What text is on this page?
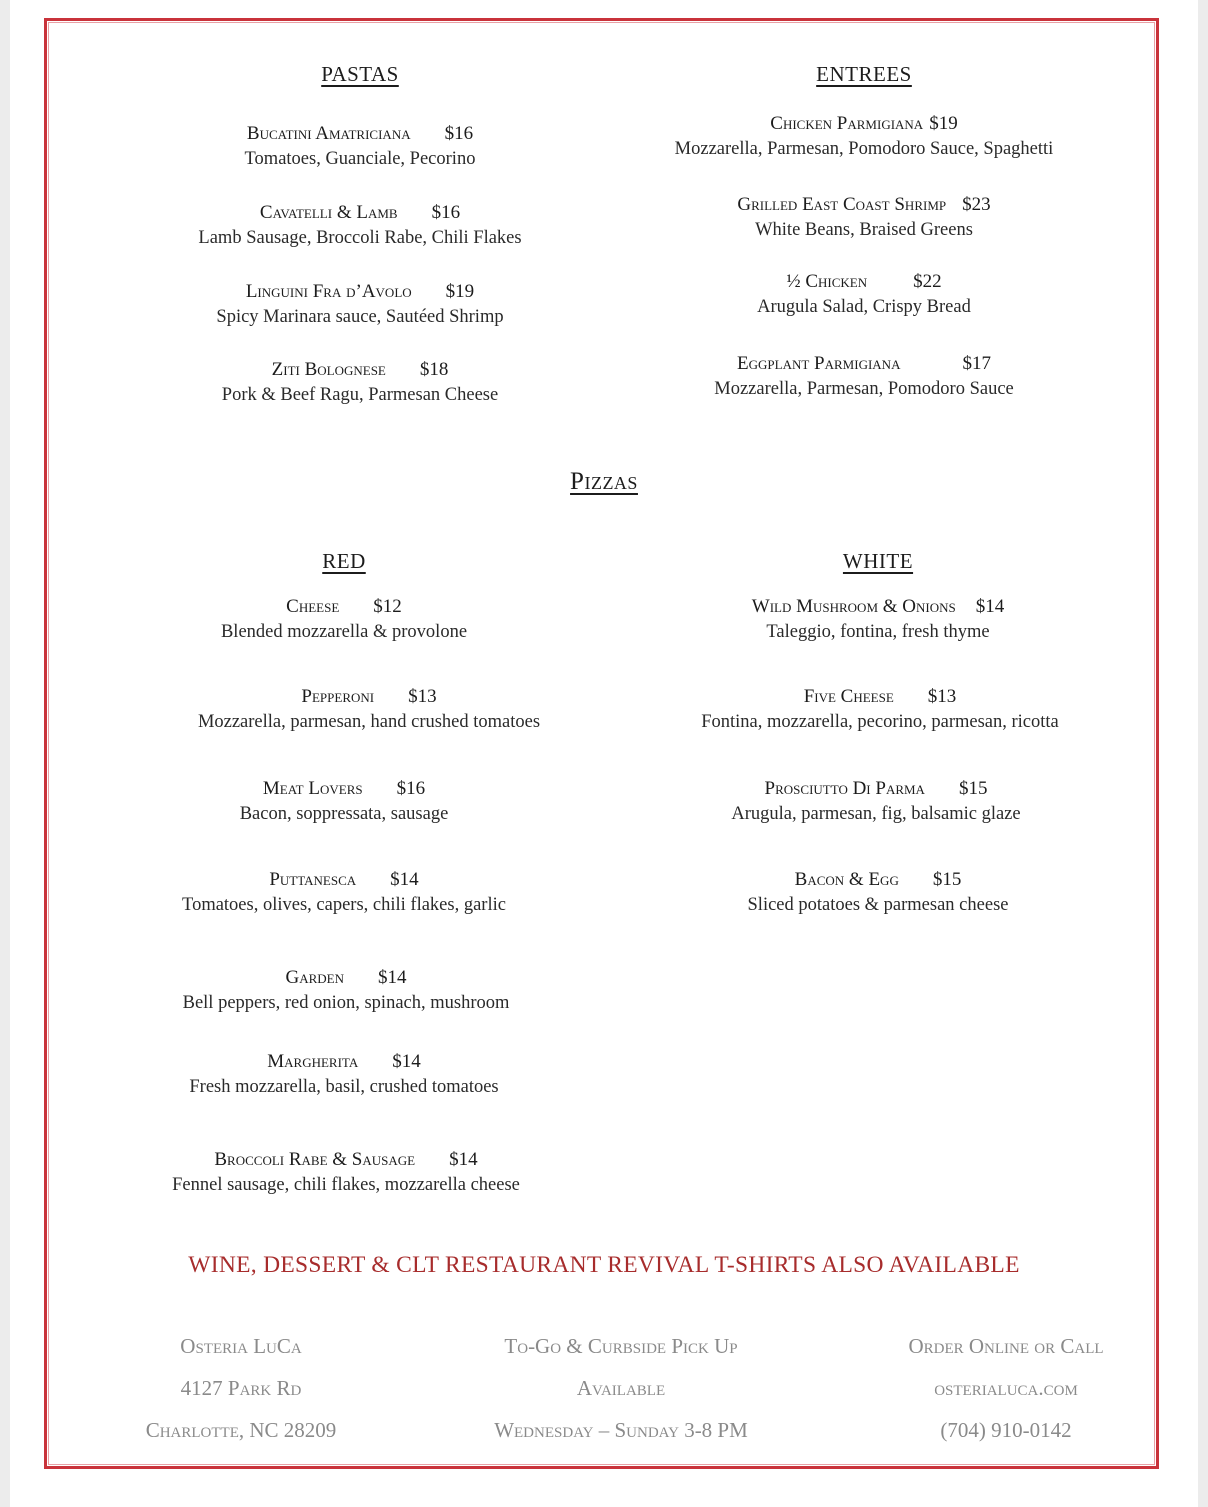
PASTAS
Bucatini Amatriciana $16
Tomatoes, Guanciale, Pecorino
Cavatelli & Lamb $16
Lamb Sausage, Broccoli Rabe, Chili Flakes
Linguini Fra d’Avolo $19
Spicy Marinara sauce, Sautéed Shrimp
Ziti Bolognese $18
Pork & Beef Ragu, Parmesan Cheese
ENTREES
Chicken Parmigiana $19
Mozzarella, Parmesan, Pomodoro Sauce, Spaghetti
Grilled East Coast Shrimp $23
White Beans, Braised Greens
½ Chicken $22
Arugula Salad, Crispy Bread
Eggplant Parmigiana	$17
Mozzarella, Parmesan, Pomodoro Sauce
Pizzas
RED	WHITE
Cheese $12
Blended mozzarella & provolone
Pepperoni $13
Mozzarella, parmesan, hand crushed tomatoes
Meat Lovers $16
Bacon, soppressata, sausage
Puttanesca $14
Tomatoes, olives, capers, chili flakes, garlic
Garden $14
Bell peppers, red onion, spinach, mushroom
Margherita $14
Fresh mozzarella, basil, crushed tomatoes
Broccoli Rabe & Sausage $14
Fennel sausage, chili flakes, mozzarella cheese
Wild Mushroom & Onions $14
Taleggio, fontina, fresh thyme
Five Cheese $13
Fontina, mozzarella, pecorino, parmesan, ricotta
Prosciutto Di Parma $15
Arugula, parmesan, fig, balsamic glaze
Bacon & Egg $15
Sliced potatoes & parmesan cheese
WINE, DESSERT & CLT RESTAURANT REVIVAL T-SHIRTS ALSO AVAILABLE
Osteria LuCa
4127 Park Rd
Charlotte, NC 28209
To-Go & Curbside Pick Up
Available
Wednesday – Sunday 3-8 PM
Order Online or Call
osterialuca.com
(704) 910-0142
